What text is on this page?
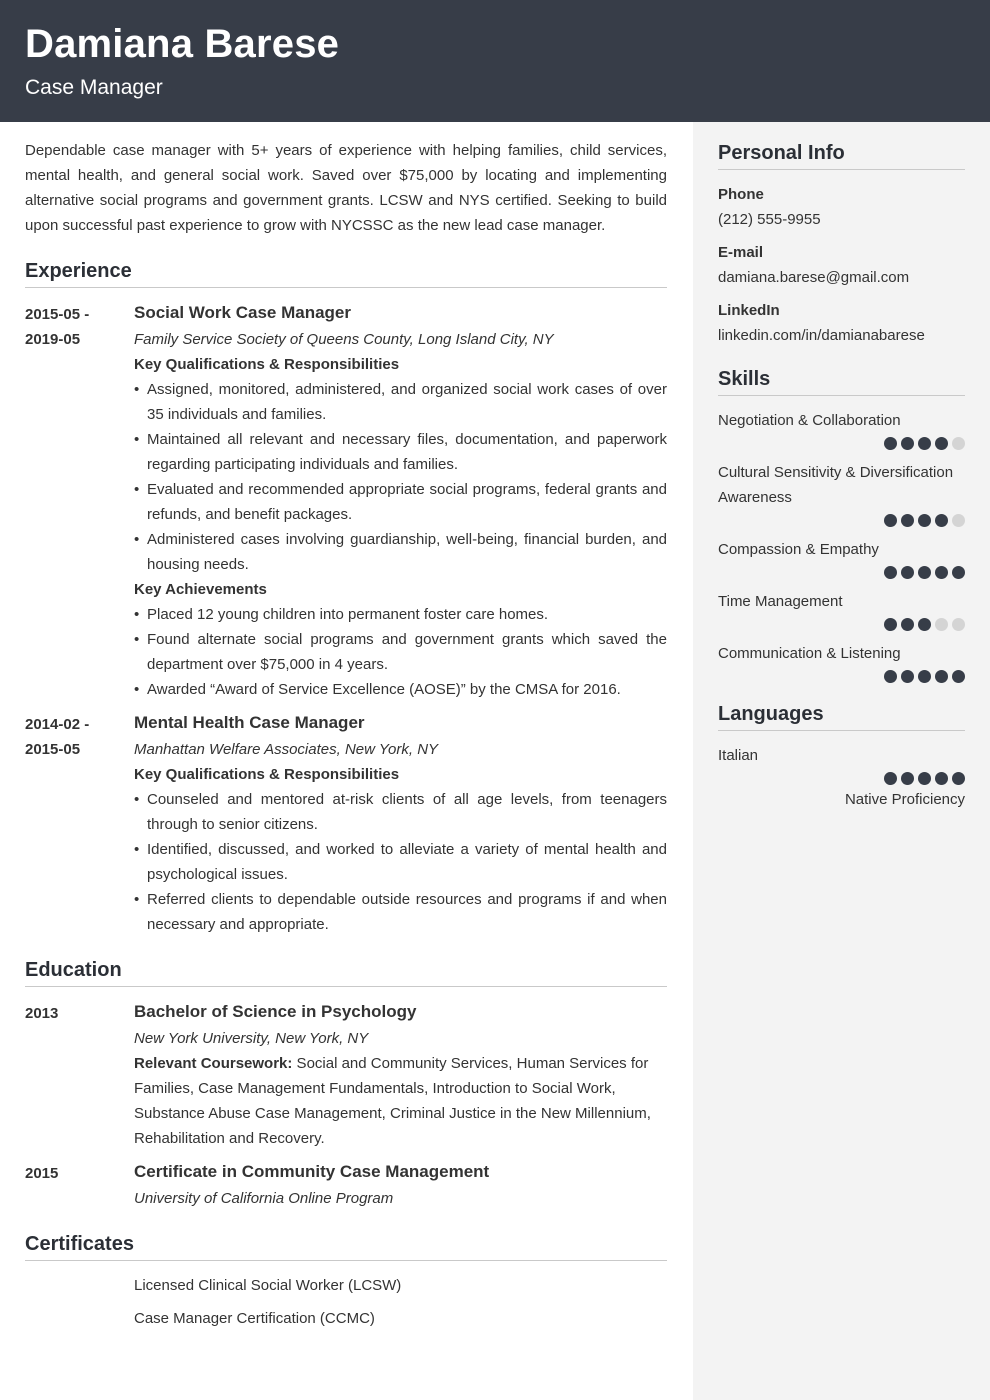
Damiana Barese
Case Manager

Dependable case manager with 5+ years of experience with helping families, child services, mental health, and general social work. Saved over $75,000 by locating and implementing alternative social programs and government grants. LCSW and NYS certified. Seeking to build upon successful past experience to grow with NYCSSC as the new lead case manager.

Experience
2015-05 -
2019-05
Social Work Case Manager
Family Service Society of Queens County, Long Island City, NY
Key Qualifications & Responsibilities
• Assigned, monitored, administered, and organized social work cases of over 35 individuals and families.
• Maintained all relevant and necessary files, documentation, and paperwork regarding participating individuals and families.
• Evaluated and recommended appropriate social programs, federal grants and refunds, and benefit packages.
• Administered cases involving guardianship, well-being, financial burden, and housing needs.
Key Achievements
• Placed 12 young children into permanent foster care homes.
• Found alternate social programs and government grants which saved the department over $75,000 in 4 years.
• Awarded “Award of Service Excellence (AOSE)” by the CMSA for 2016.
2014-02 -
2015-05
Mental Health Case Manager
Manhattan Welfare Associates, New York, NY
Key Qualifications & Responsibilities
• Counseled and mentored at-risk clients of all age levels, from teenagers through to senior citizens.
• Identified, discussed, and worked to alleviate a variety of mental health and psychological issues.
• Referred clients to dependable outside resources and programs if and when necessary and appropriate.
Education
2013	Bachelor of Science in Psychology
New York University, New York, NY
Relevant Coursework: Social and Community Services, Human Services for Families, Case Management Fundamentals, Introduction to Social Work, Substance Abuse Case Management, Criminal Justice in the New Millennium, Rehabilitation and Recovery.
2015	Certificate in Community Case Management
University of California Online Program
Certificates
Licensed Clinical Social Worker (LCSW)
Case Manager Certification (CCMC)
Personal Info
Phone
(212) 555-9955
E-mail
damiana.barese@gmail.com
LinkedIn
linkedin.com/in/damianabarese
Skills
Negotiation & Collaboration
Cultural Sensitivity & Diversification Awareness
Compassion & Empathy
Time Management
Communication & Listening
Languages
Italian
Native Proficiency
